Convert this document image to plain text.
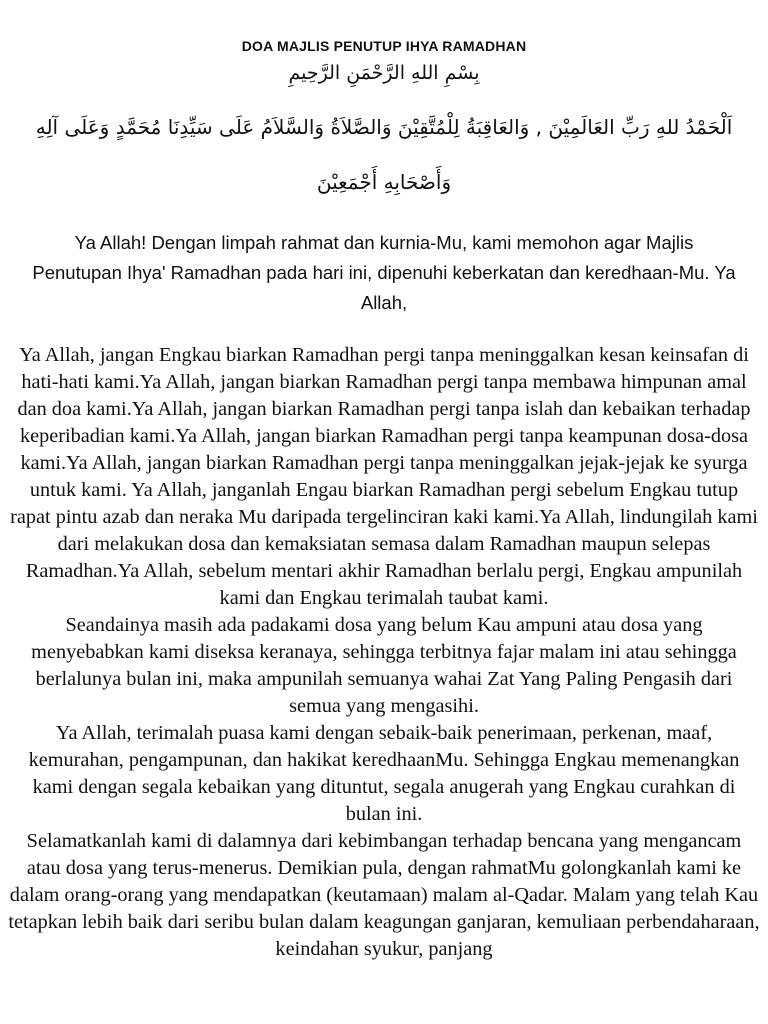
DOA MAJLIS PENUTUP IHYA RAMADHAN
بِسْمِ اللهِ الرَّحْمَنِ الرَّحِيمِ
اَلْحَمْدُ للهِ رَبِّ العَالَمِيْنَ , وَالعَاقِبَةُ لِلْمُتَّقِيْنَ وَالصَّلاَةُ وَالسَّلاَمُ عَلَى سَيِّدِنَا مُحَمَّدٍ وَعَلَى آلِهِ
وَأَصْحَابِهِ أَجْمَعِيْنَ
Ya Allah! Dengan limpah rahmat dan kurnia-Mu, kami memohon agar Majlis Penutupan Ihya' Ramadhan pada hari ini, dipenuhi keberkatan dan keredhaan-Mu. Ya Allah,

Ya Allah, jangan Engkau biarkan Ramadhan pergi tanpa meninggalkan kesan keinsafan di hati-hati kami.Ya Allah, jangan biarkan Ramadhan pergi tanpa membawa himpunan amal dan doa kami.Ya Allah, jangan biarkan Ramadhan pergi tanpa islah dan kebaikan terhadap keperibadian kami.Ya Allah, jangan biarkan Ramadhan pergi tanpa keampunan dosa-dosa kami.Ya Allah, jangan biarkan Ramadhan pergi tanpa meninggalkan jejak-jejak ke syurga untuk kami. Ya Allah, janganlah Engau biarkan Ramadhan pergi sebelum Engkau tutup rapat pintu azab dan neraka Mu daripada tergelinciran kaki kami.Ya Allah, lindungilah kami dari melakukan dosa dan kemaksiatan semasa dalam Ramadhan maupun selepas Ramadhan.Ya Allah, sebelum mentari akhir Ramadhan berlalu pergi, Engkau ampunilah kami dan Engkau terimalah taubat kami.

Seandainya masih ada padakami dosa yang belum Kau ampuni atau dosa yang menyebabkan kami diseksa keranaya, sehingga terbitnya fajar malam ini atau sehingga berlalunya bulan ini, maka ampunilah semuanya wahai Zat Yang Paling Pengasih dari semua yang mengasihi.

Ya Allah, terimalah puasa kami dengan sebaik-baik penerimaan, perkenan, maaf, kemurahan, pengampunan, dan hakikat keredhaanMu. Sehingga Engkau memenangkan kami dengan segala kebaikan yang dituntut, segala anugerah yang Engkau curahkan di bulan ini.

Selamatkanlah kami di dalamnya dari kebimbangan terhadap bencana yang mengancam atau dosa yang terus-menerus. Demikian pula, dengan rahmatMu golongkanlah kami ke dalam orang-orang yang mendapatkan (keutamaan) malam al-Qadar. Malam yang telah Kau tetapkan lebih baik dari seribu bulan dalam keagungan ganjaran, kemuliaan perbendaharaan, keindahan syukur, panjang
